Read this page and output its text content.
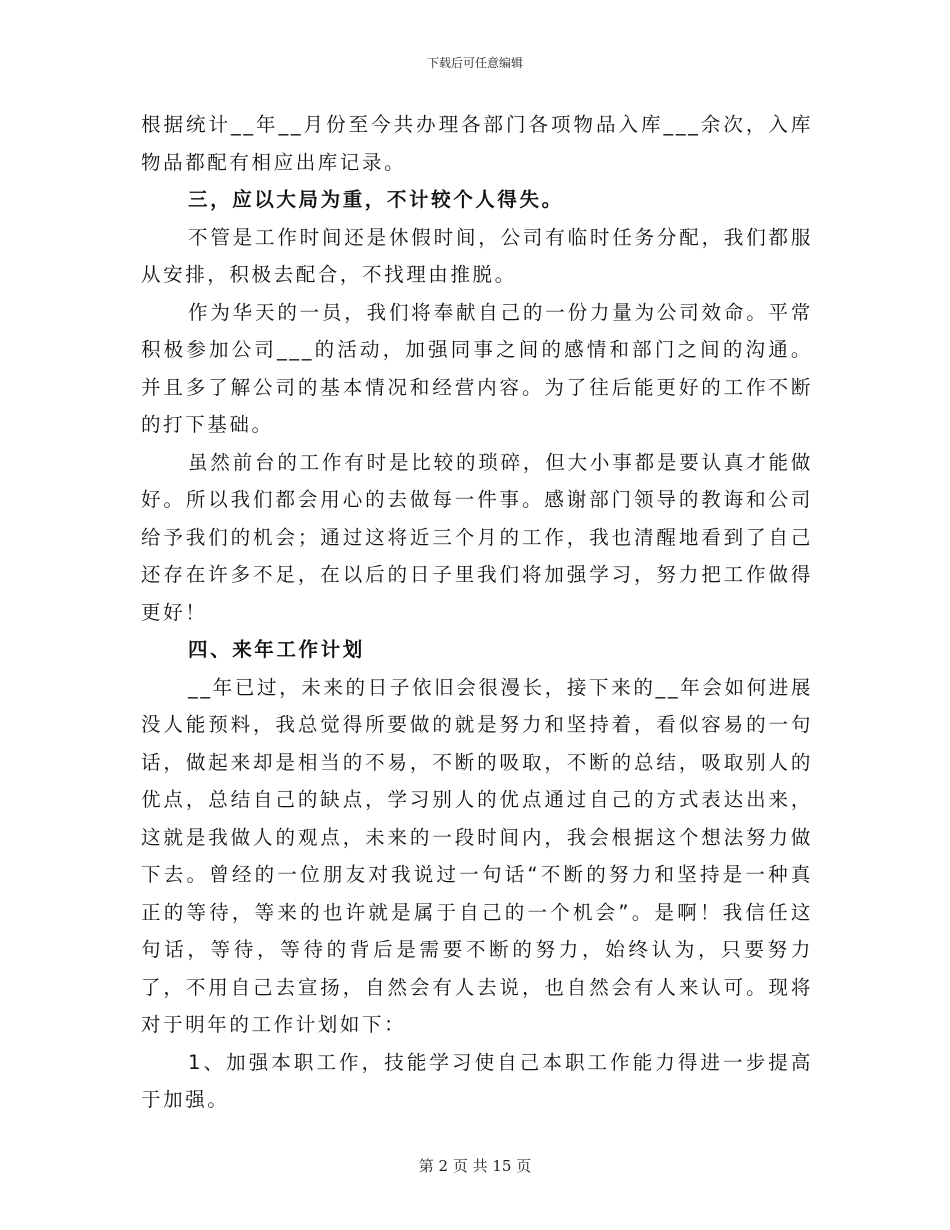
下载后可任意编辑

根据统计__年__月份至今共办理各部门各项物品入库___余次，入库物品都配有相应出库记录。

三，应以大局为重，不计较个人得失。

不管是工作时间还是休假时间，公司有临时任务分配，我们都服从安排，积极去配合，不找理由推脱。

作为华天的一员，我们将奉献自己的一份力量为公司效命。平常积极参加公司___的活动，加强同事之间的感情和部门之间的沟通。并且多了解公司的基本情况和经营内容。为了往后能更好的工作不断的打下基础。

虽然前台的工作有时是比较的琐碎，但大小事都是要认真才能做好。所以我们都会用心的去做每一件事。感谢部门领导的教诲和公司给予我们的机会；通过这将近三个月的工作，我也清醒地看到了自己还存在许多不足，在以后的日子里我们将加强学习，努力把工作做得更好！

四、来年工作计划

__年已过，未来的日子依旧会很漫长，接下来的__年会如何进展没人能预料，我总觉得所要做的就是努力和坚持着，看似容易的一句话，做起来却是相当的不易，不断的吸取，不断的总结，吸取别人的优点，总结自己的缺点，学习别人的优点通过自己的方式表达出来，这就是我做人的观点，未来的一段时间内，我会根据这个想法努力做下去。曾经的一位朋友对我说过一句话“不断的努力和坚持是一种真正的等待，等来的也许就是属于自己的一个机会”。是啊！我信任这句话，等待，等待的背后是需要不断的努力，始终认为，只要努力了，不用自己去宣扬，自然会有人去说，也自然会有人来认可。现将对于明年的工作计划如下：

1、加强本职工作，技能学习使自己本职工作能力得进一步提高于加强。

第 2 页 共 15 页
